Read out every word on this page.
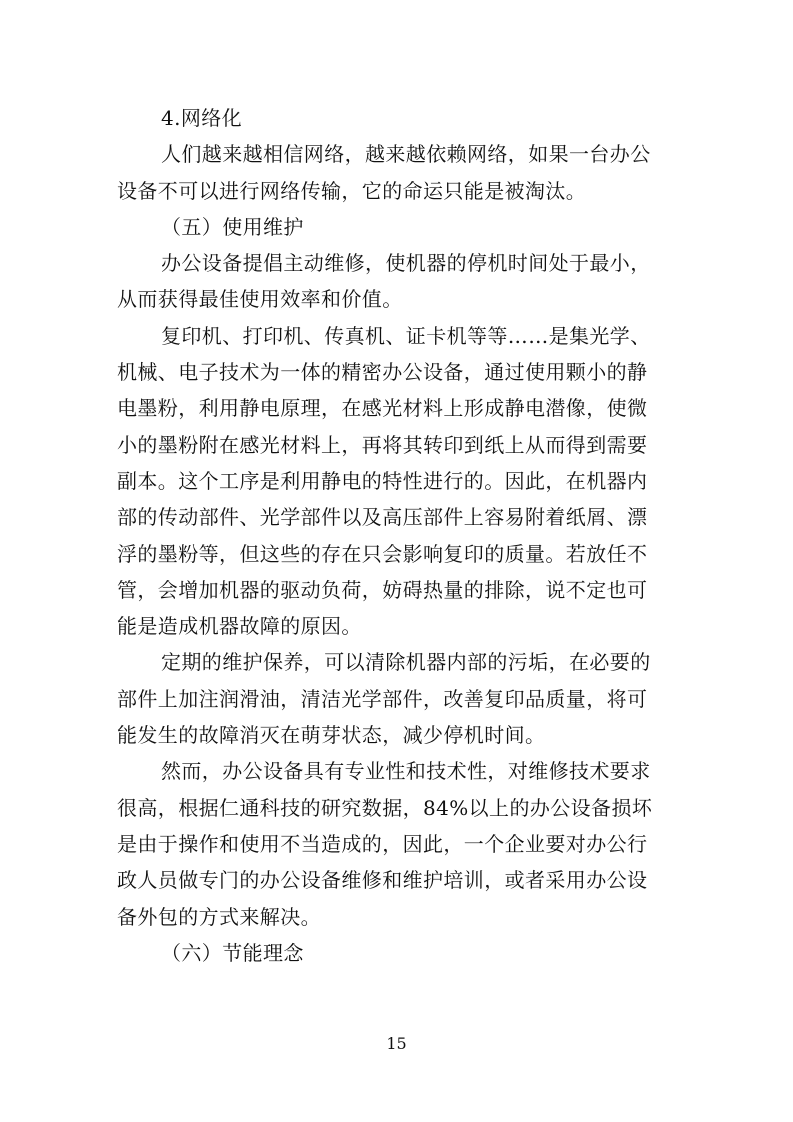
4.网络化
人们越来越相信网络，越来越依赖网络，如果一台办公
设备不可以进行网络传输，它的命运只能是被淘汰。
（五）使用维护
办公设备提倡主动维修，使机器的停机时间处于最小，
从而获得最佳使用效率和价值。
复印机、打印机、传真机、证卡机等等……是集光学、
机械、电子技术为一体的精密办公设备，通过使用颗小的静
电墨粉，利用静电原理，在感光材料上形成静电潜像，使微
小的墨粉附在感光材料上，再将其转印到纸上从而得到需要
副本。这个工序是利用静电的特性进行的。因此，在机器内
部的传动部件、光学部件以及高压部件上容易附着纸屑、漂
浮的墨粉等，但这些的存在只会影响复印的质量。若放任不
管，会增加机器的驱动负荷，妨碍热量的排除，说不定也可
能是造成机器故障的原因。
定期的维护保养，可以清除机器内部的污垢，在必要的
部件上加注润滑油，清洁光学部件，改善复印品质量，将可
能发生的故障消灭在萌芽状态，减少停机时间。
然而，办公设备具有专业性和技术性，对维修技术要求
很高，根据仁通科技的研究数据，84%以上的办公设备损坏
是由于操作和使用不当造成的，因此，一个企业要对办公行
政人员做专门的办公设备维修和维护培训，或者采用办公设
备外包的方式来解决。
（六）节能理念
15
